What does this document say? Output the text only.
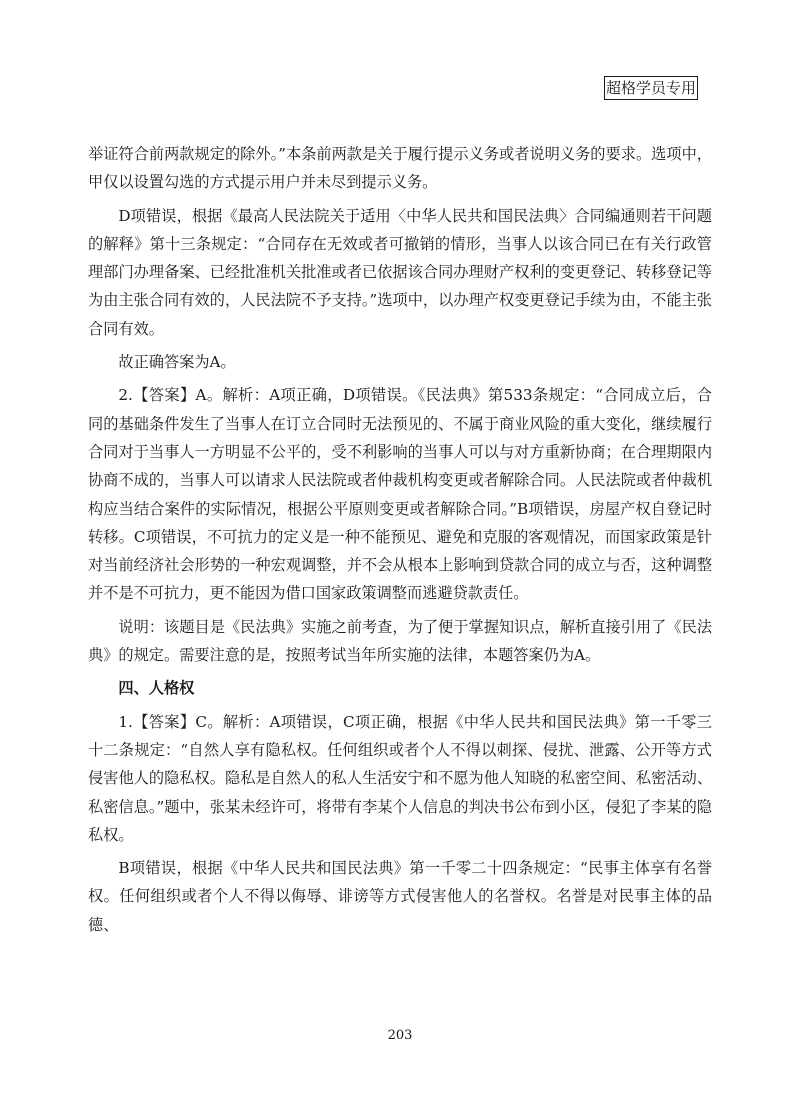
超格学员专用

举证符合前两款规定的除外。”本条前两款是关于履行提示义务或者说明义务的要求。选项中，甲仅以设置勾选的方式提示用户并未尽到提示义务。

D项错误，根据《最高人民法院关于适用〈中华人民共和国民法典〉合同编通则若干问题的解释》第十三条规定：“合同存在无效或者可撤销的情形，当事人以该合同已在有关行政管理部门办理备案、已经批准机关批准或者已依据该合同办理财产权利的变更登记、转移登记等为由主张合同有效的，人民法院不予支持。”选项中，以办理产权变更登记手续为由，不能主张合同有效。

故正确答案为A。

2.【答案】A。解析：A项正确，D项错误。《民法典》第533条规定：“合同成立后，合同的基础条件发生了当事人在订立合同时无法预见的、不属于商业风险的重大变化，继续履行合同对于当事人一方明显不公平的，受不利影响的当事人可以与对方重新协商；在合理期限内协商不成的，当事人可以请求人民法院或者仲裁机构变更或者解除合同。人民法院或者仲裁机构应当结合案件的实际情况，根据公平原则变更或者解除合同。”B项错误，房屋产权自登记时转移。C项错误，不可抗力的定义是一种不能预见、避免和克服的客观情况，而国家政策是针对当前经济社会形势的一种宏观调整，并不会从根本上影响到贷款合同的成立与否，这种调整并不是不可抗力，更不能因为借口国家政策调整而逃避贷款责任。

说明：该题目是《民法典》实施之前考查，为了便于掌握知识点，解析直接引用了《民法典》的规定。需要注意的是，按照考试当年所实施的法律，本题答案仍为A。

四、人格权

1.【答案】C。解析：A项错误，C项正确，根据《中华人民共和国民法典》第一千零三十二条规定：“自然人享有隐私权。任何组织或者个人不得以刺探、侵扰、泄露、公开等方式侵害他人的隐私权。隐私是自然人的私人生活安宁和不愿为他人知晓的私密空间、私密活动、私密信息。”题中，张某未经许可，将带有李某个人信息的判决书公布到小区，侵犯了李某的隐私权。

B项错误，根据《中华人民共和国民法典》第一千零二十四条规定：“民事主体享有名誉权。任何组织或者个人不得以侮辱、诽谤等方式侵害他人的名誉权。名誉是对民事主体的品德、

203
